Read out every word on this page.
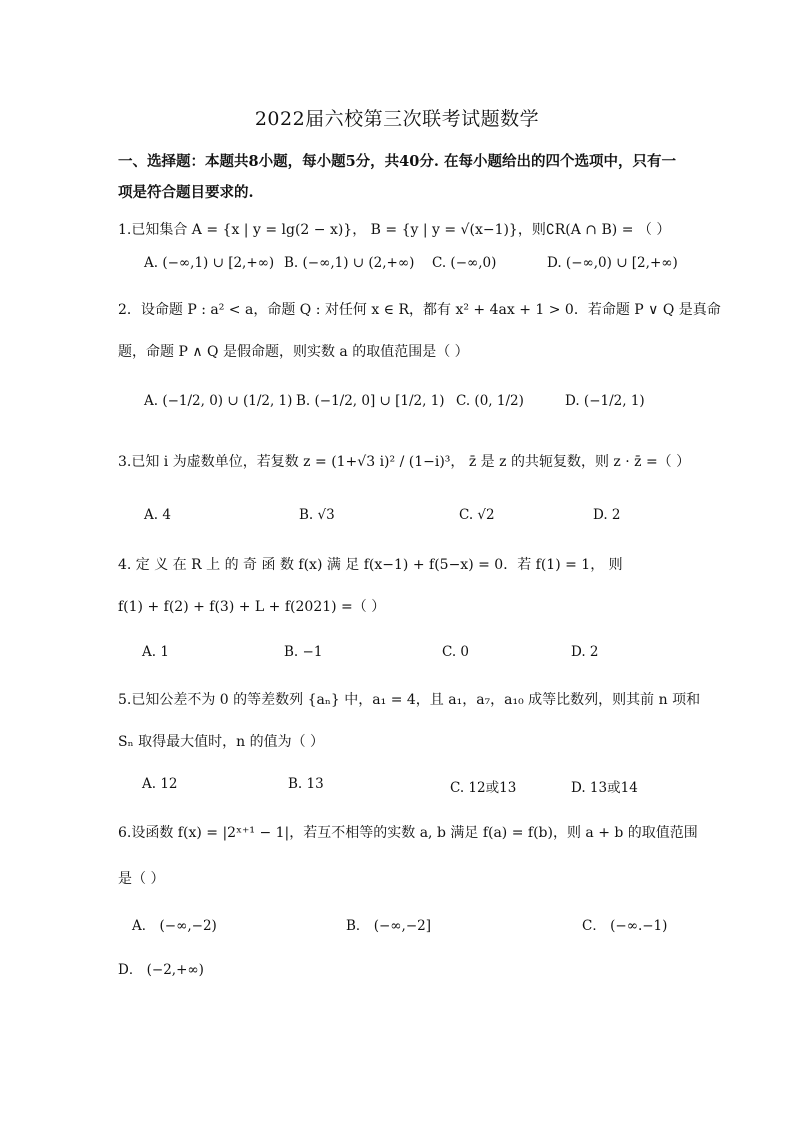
2022届六校第三次联考试题数学
一、选择题：本题共8小题，每小题5分，共40分. 在每小题给出的四个选项中，只有一项是符合题目要求的.
1.已知集合 A = {x | y = lg(2 − x)}， B = {y | y = √(x−1)}，则∁R(A ∩ B) = （ ）
A. (−∞,1) ∪ [2,+∞) B. (−∞,1) ∪ (2,+∞) C. (−∞,0)	D. (−∞,0) ∪ [2,+∞)
2．设命题 P : a² < a，命题 Q : 对任何 x ∈ R，都有 x² + 4ax + 1 > 0．若命题 P ∨ Q 是真命
题，命题 P ∧ Q 是假命题，则实数 a 的取值范围是（ ）
A. (−1/2, 0) ∪ (1/2, 1) B. (−1/2, 0] ∪ [1/2, 1) C. (0, 1/2)	D. (−1/2, 1)
3.已知 i 为虚数单位，若复数 z = (1+√3 i)² / (1−i)³， z̄ 是 z 的共轭复数，则 z · z̄ =（ ）
A. 4	B. √3	C. √2	D. 2
4. 定 义 在 R 上 的 奇 函 数 f(x) 满 足 f(x−1) + f(5−x) = 0．若 f(1) = 1， 则
f(1) + f(2) + f(3) + L + f(2021) =（ ）
A. 1	B. −1	C. 0	D. 2
5.已知公差不为 0 的等差数列 {aₙ} 中，a₁ = 4，且 a₁，a₇，a₁₀ 成等比数列，则其前 n 项和
Sₙ 取得最大值时，n 的值为（ ）
A. 12	B. 13	C. 12或13	D. 13或14
6.设函数 f(x) = |2ˣ⁺¹ − 1|，若互不相等的实数 a, b 满足 f(a) = f(b)，则 a + b 的取值范围
是（ ）
A． (−∞,−2)	B． (−∞,−2]	C． (−∞.−1)
D． (−2,+∞)
